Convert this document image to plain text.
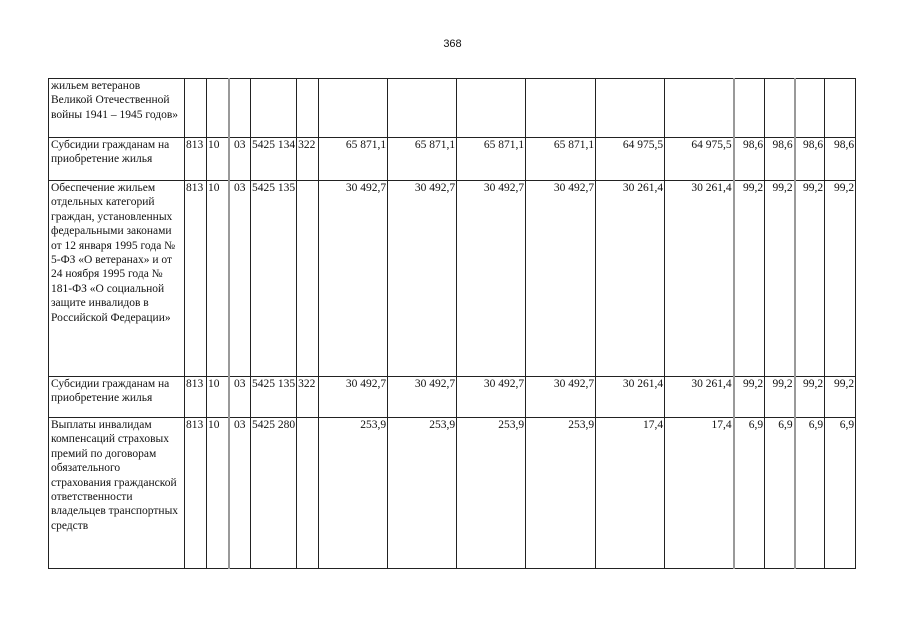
368
жильем ветеранов Великой Отечественной войны 1941 – 1945 годов»															
Субсидии гражданам на приобретение жилья	813	10	03	5425 134	322	65 871,1	65 871,1	65 871,1	65 871,1	64 975,5	64 975,5	98,6	98,6	98,6	98,6
Обеспечение жильем отдельных категорий граждан, установленных федеральными законами от 12 января 1995 года № 5-ФЗ «О ветеранах» и от 24 ноября 1995 года № 181-ФЗ «О социальной защите инвалидов в Российской Федерации»	813	10	03	5425 135		30 492,7	30 492,7	30 492,7	30 492,7	30 261,4	30 261,4	99,2	99,2	99,2	99,2
Субсидии гражданам на приобретение жилья	813	10	03	5425 135	322	30 492,7	30 492,7	30 492,7	30 492,7	30 261,4	30 261,4	99,2	99,2	99,2	99,2
Выплаты инвалидам компенсаций страховых премий по договорам обязательного страхования гражданской ответственности владельцев транспортных средств	813	10	03	5425 280		253,9	253,9	253,9	253,9	17,4	17,4	6,9	6,9	6,9	6,9
